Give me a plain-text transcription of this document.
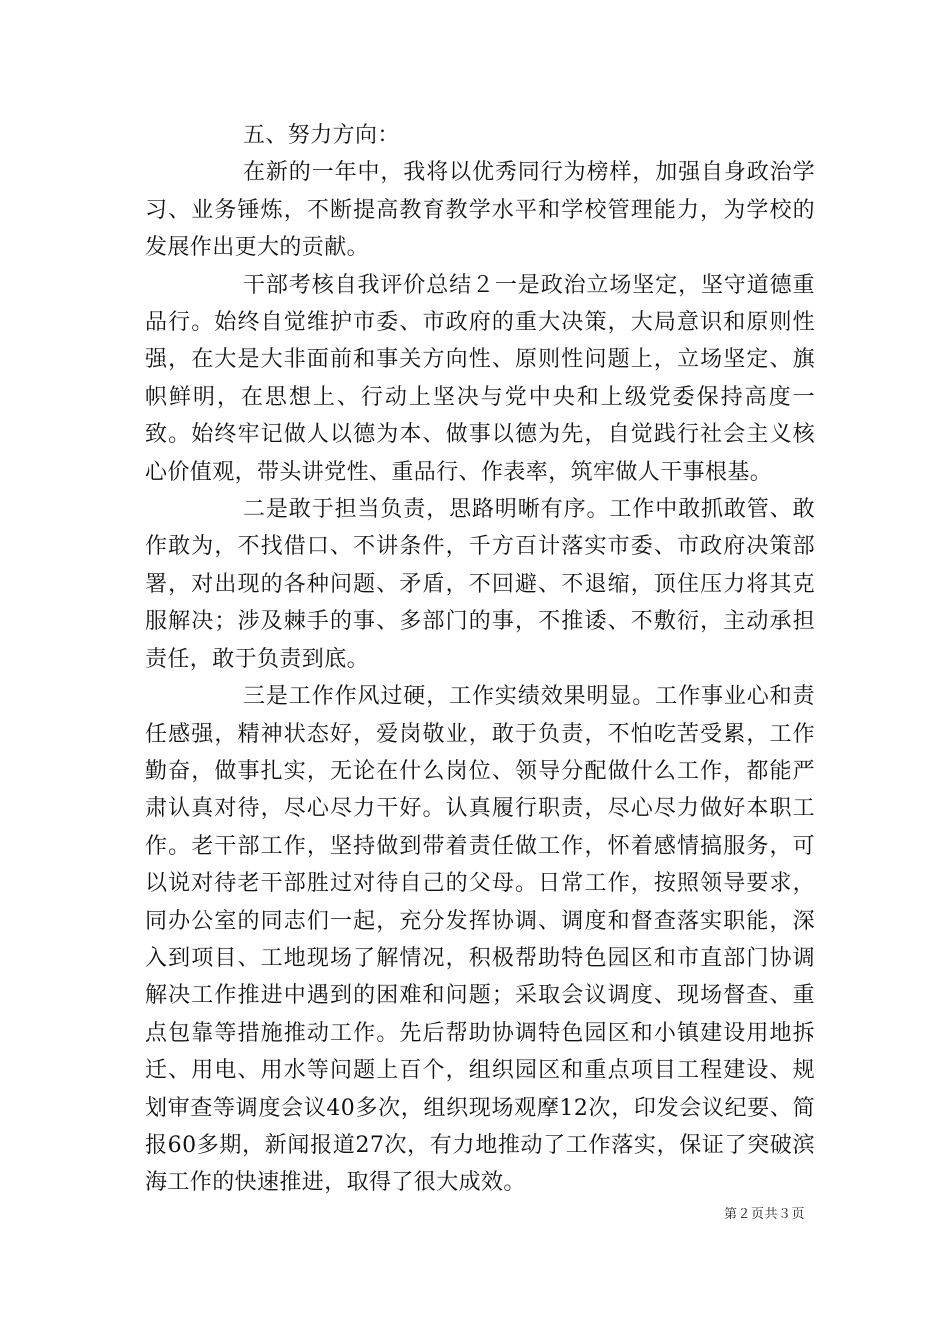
五、努力方向：

在新的一年中，我将以优秀同行为榜样，加强自身政治学习、业务锤炼，不断提高教育教学水平和学校管理能力，为学校的发展作出更大的贡献。

干部考核自我评价总结２一是政治立场坚定，坚守道德重品行。始终自觉维护市委、市政府的重大决策，大局意识和原则性强，在大是大非面前和事关方向性、原则性问题上，立场坚定、旗帜鲜明，在思想上、行动上坚决与党中央和上级党委保持高度一致。始终牢记做人以德为本、做事以德为先，自觉践行社会主义核心价值观，带头讲党性、重品行、作表率，筑牢做人干事根基。

二是敢于担当负责，思路明晰有序。工作中敢抓敢管、敢作敢为，不找借口、不讲条件，千方百计落实市委、市政府决策部署，对出现的各种问题、矛盾，不回避、不退缩，顶住压力将其克服解决；涉及棘手的事、多部门的事，不推诿、不敷衍，主动承担责任，敢于负责到底。

三是工作作风过硬，工作实绩效果明显。工作事业心和责任感强，精神状态好，爱岗敬业，敢于负责，不怕吃苦受累，工作勤奋，做事扎实，无论在什么岗位、领导分配做什么工作，都能严肃认真对待，尽心尽力干好。认真履行职责，尽心尽力做好本职工作。老干部工作，坚持做到带着责任做工作，怀着感情搞服务，可以说对待老干部胜过对待自己的父母。日常工作，按照领导要求，同办公室的同志们一起，充分发挥协调、调度和督查落实职能，深入到项目、工地现场了解情况，积极帮助特色园区和市直部门协调解决工作推进中遇到的困难和问题；采取会议调度、现场督查、重点包靠等措施推动工作。先后帮助协调特色园区和小镇建设用地拆迁、用电、用水等问题上百个，组织园区和重点项目工程建设、规划审查等调度会议40多次，组织现场观摩12次，印发会议纪要、简报60多期，新闻报道27次，有力地推动了工作落实，保证了突破滨海工作的快速推进，取得了很大成效。

第２页共３页
